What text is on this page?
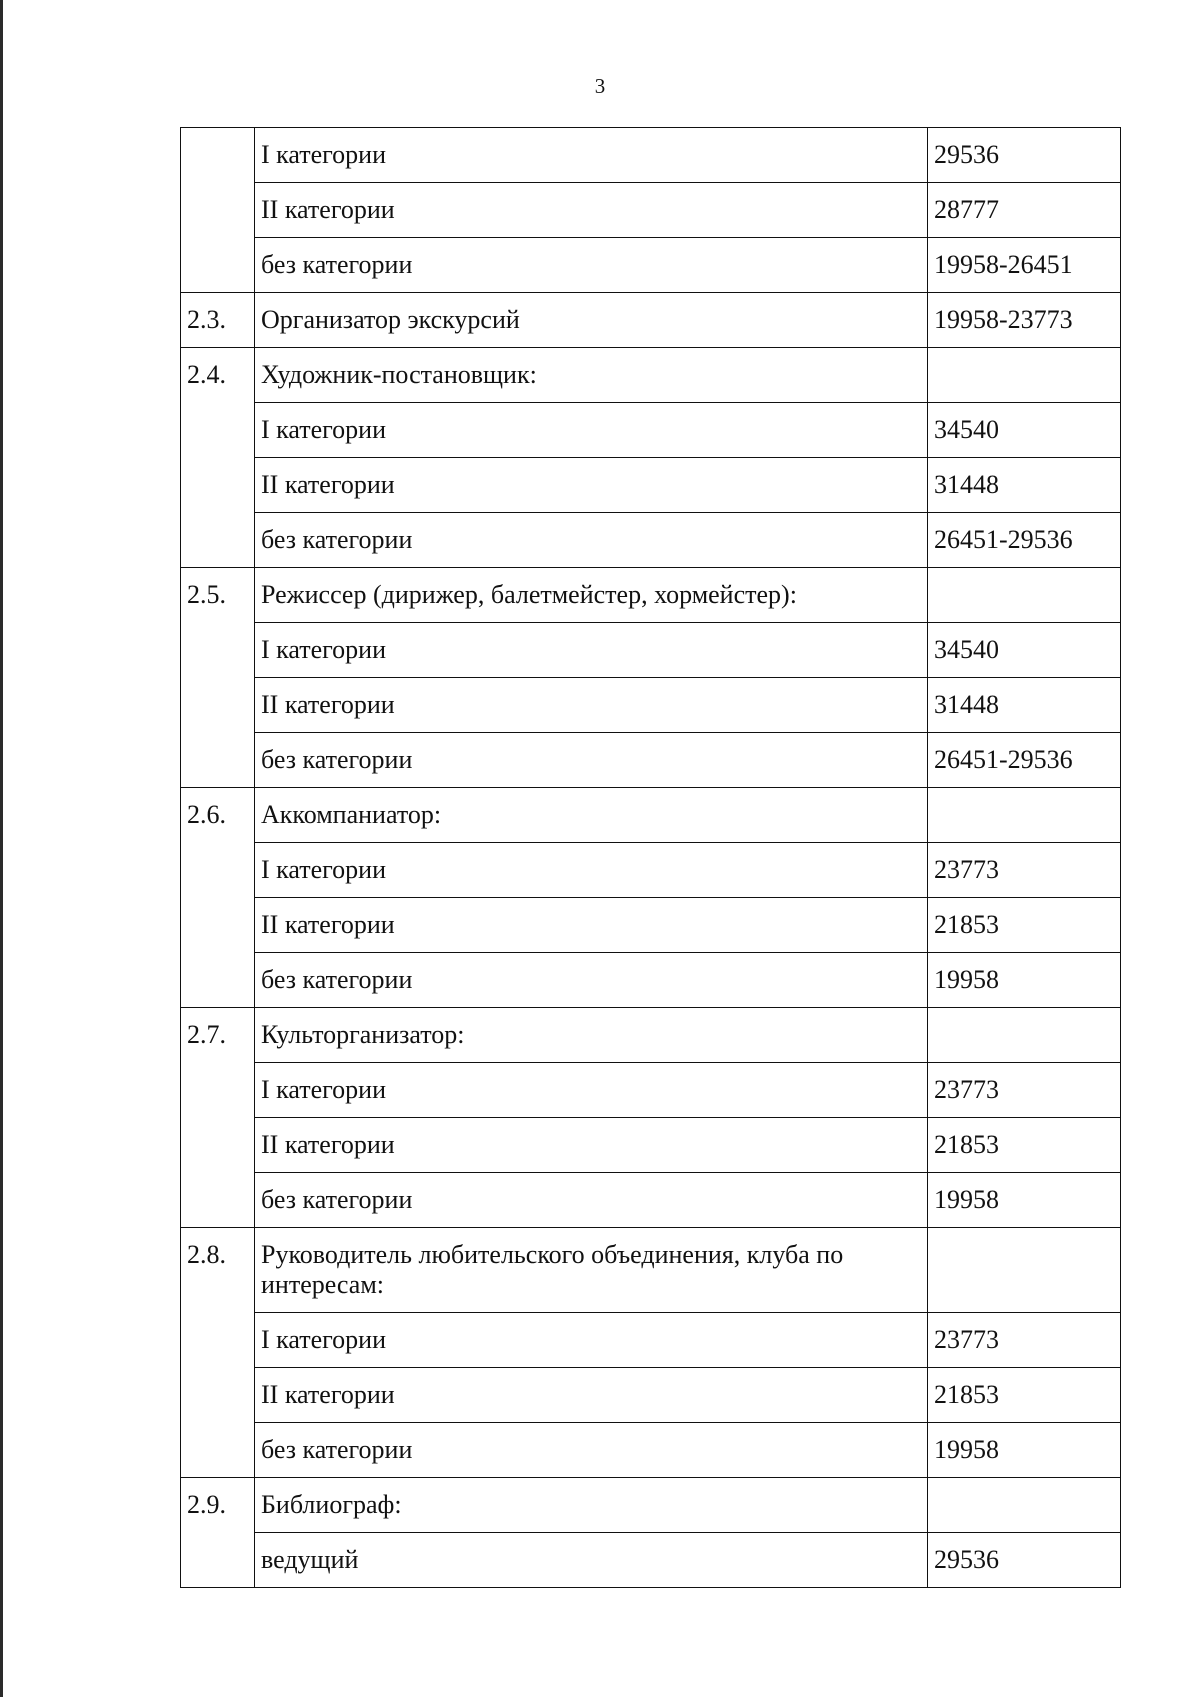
3
	I категории	29536
	II категории	28777
	без категории	19958-26451
2.3.	Организатор экскурсий	19958-23773
2.4.	Художник-постановщик:	
	I категории	34540
	II категории	31448
	без категории	26451-29536
2.5.	Режиссер (дирижер, балетмейстер, хормейстер):	
	I категории	34540
	II категории	31448
	без категории	26451-29536
2.6.	Аккомпаниатор:	
	I категории	23773
	II категории	21853
	без категории	19958
2.7.	Культорганизатор:	
	I категории	23773
	II категории	21853
	без категории	19958
2.8.	Руководитель любительского объединения, клуба по интересам:	
	I категории	23773
	II категории	21853
	без категории	19958
2.9.	Библиограф:	
	ведущий	29536
